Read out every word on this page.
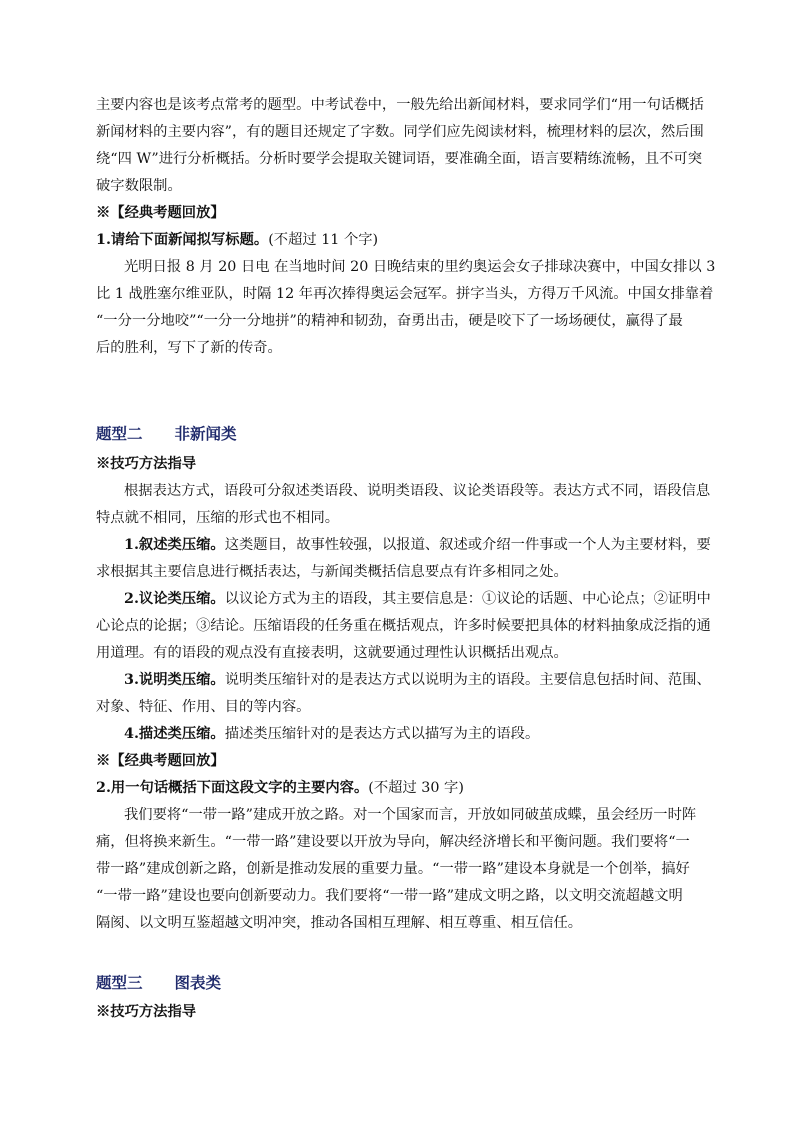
主要内容也是该考点常考的题型。中考试卷中，一般先给出新闻材料，要求同学们“用一句话概括
新闻材料的主要内容”，有的题目还规定了字数。同学们应先阅读材料，梳理材料的层次，然后围
绕“四 W”进行分析概括。分析时要学会提取关键词语，要准确全面，语言要精练流畅，且不可突
破字数限制。
※【经典考题回放】
1.请给下面新闻拟写标题。(不超过 11 个字)
光明日报 8 月 20 日电 在当地时间 20 日晚结束的里约奥运会女子排球决赛中，中国女排以 3
比 1 战胜塞尔维亚队，时隔 12 年再次捧得奥运会冠军。拼字当头，方得万千风流。中国女排靠着
“一分一分地咬”“一分一分地拼”的精神和韧劲，奋勇出击，硬是咬下了一场场硬仗，赢得了最
后的胜利，写下了新的传奇。
题型二 非新闻类
※技巧方法指导
根据表达方式，语段可分叙述类语段、说明类语段、议论类语段等。表达方式不同，语段信息
特点就不相同，压缩的形式也不相同。
1.叙述类压缩。这类题目，故事性较强，以报道、叙述或介绍一件事或一个人为主要材料，要
求根据其主要信息进行概括表达，与新闻类概括信息要点有许多相同之处。
2.议论类压缩。以议论方式为主的语段，其主要信息是：①议论的话题、中心论点；②证明中
心论点的论据；③结论。压缩语段的任务重在概括观点，许多时候要把具体的材料抽象成泛指的通
用道理。有的语段的观点没有直接表明，这就要通过理性认识概括出观点。
3.说明类压缩。说明类压缩针对的是表达方式以说明为主的语段。主要信息包括时间、范围、
对象、特征、作用、目的等内容。
4.描述类压缩。描述类压缩针对的是表达方式以描写为主的语段。
※【经典考题回放】
2.用一句话概括下面这段文字的主要内容。(不超过 30 字)
我们要将“一带一路”建成开放之路。对一个国家而言，开放如同破茧成蝶，虽会经历一时阵
痛，但将换来新生。“一带一路”建设要以开放为导向，解决经济增长和平衡问题。我们要将“一
带一路”建成创新之路，创新是推动发展的重要力量。“一带一路”建设本身就是一个创举，搞好
“一带一路”建设也要向创新要动力。我们要将“一带一路”建成文明之路，以文明交流超越文明
隔阂、以文明互鉴超越文明冲突，推动各国相互理解、相互尊重、相互信任。
题型三 图表类
※技巧方法指导
